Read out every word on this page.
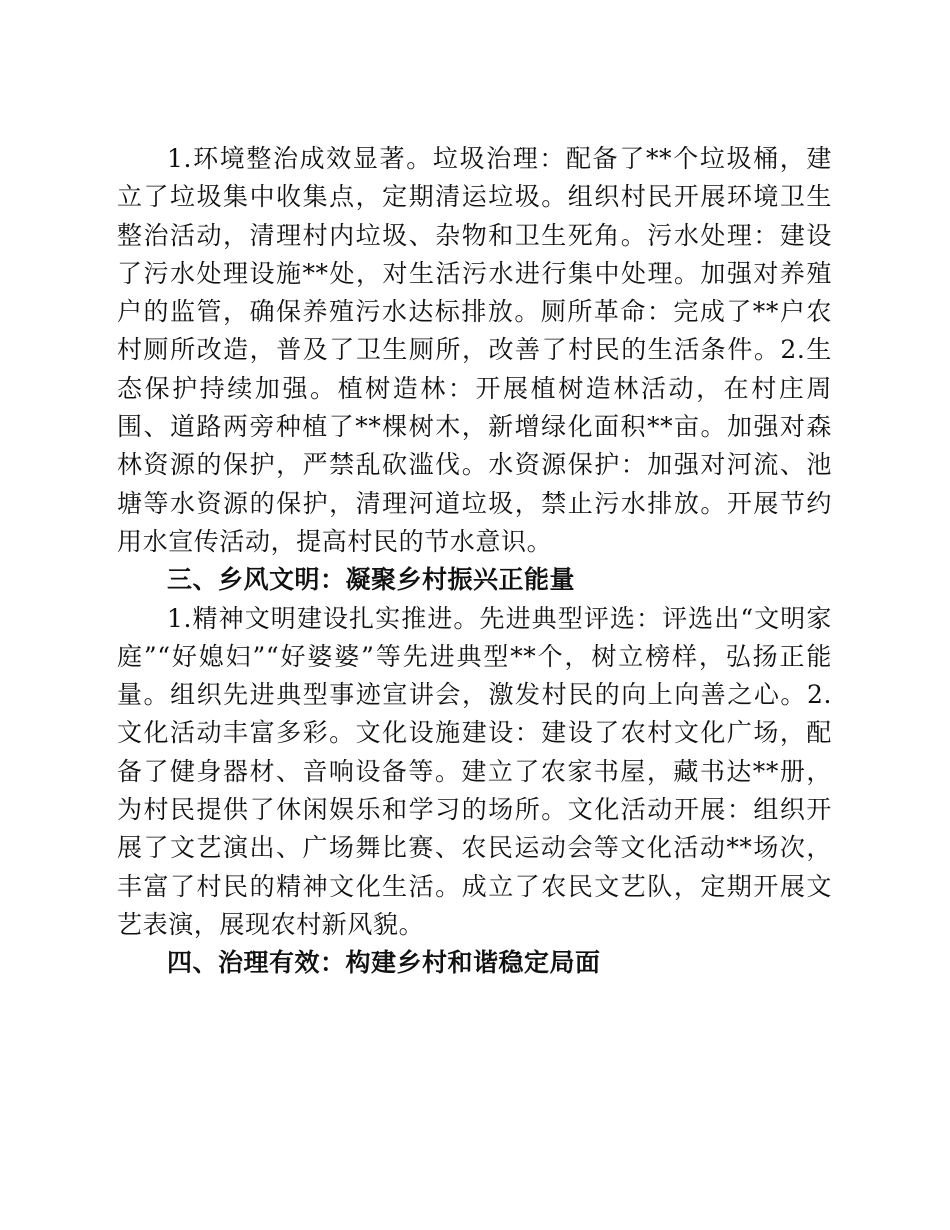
1.环境整治成效显著。垃圾治理：配备了**个垃圾桶，建立了垃圾集中收集点，定期清运垃圾。组织村民开展环境卫生整治活动，清理村内垃圾、杂物和卫生死角。污水处理：建设了污水处理设施**处，对生活污水进行集中处理。加强对养殖户的监管，确保养殖污水达标排放。厕所革命：完成了**户农村厕所改造，普及了卫生厕所，改善了村民的生活条件。2.生态保护持续加强。植树造林：开展植树造林活动，在村庄周围、道路两旁种植了**棵树木，新增绿化面积**亩。加强对森林资源的保护，严禁乱砍滥伐。水资源保护：加强对河流、池塘等水资源的保护，清理河道垃圾，禁止污水排放。开展节约用水宣传活动，提高村民的节水意识。

三、乡风文明：凝聚乡村振兴正能量

1.精神文明建设扎实推进。先进典型评选：评选出“文明家庭”“好媳妇”“好婆婆”等先进典型**个，树立榜样，弘扬正能量。组织先进典型事迹宣讲会，激发村民的向上向善之心。2.文化活动丰富多彩。文化设施建设：建设了农村文化广场，配备了健身器材、音响设备等。建立了农家书屋，藏书达**册，为村民提供了休闲娱乐和学习的场所。文化活动开展：组织开展了文艺演出、广场舞比赛、农民运动会等文化活动**场次，丰富了村民的精神文化生活。成立了农民文艺队，定期开展文艺表演，展现农村新风貌。

四、治理有效：构建乡村和谐稳定局面
